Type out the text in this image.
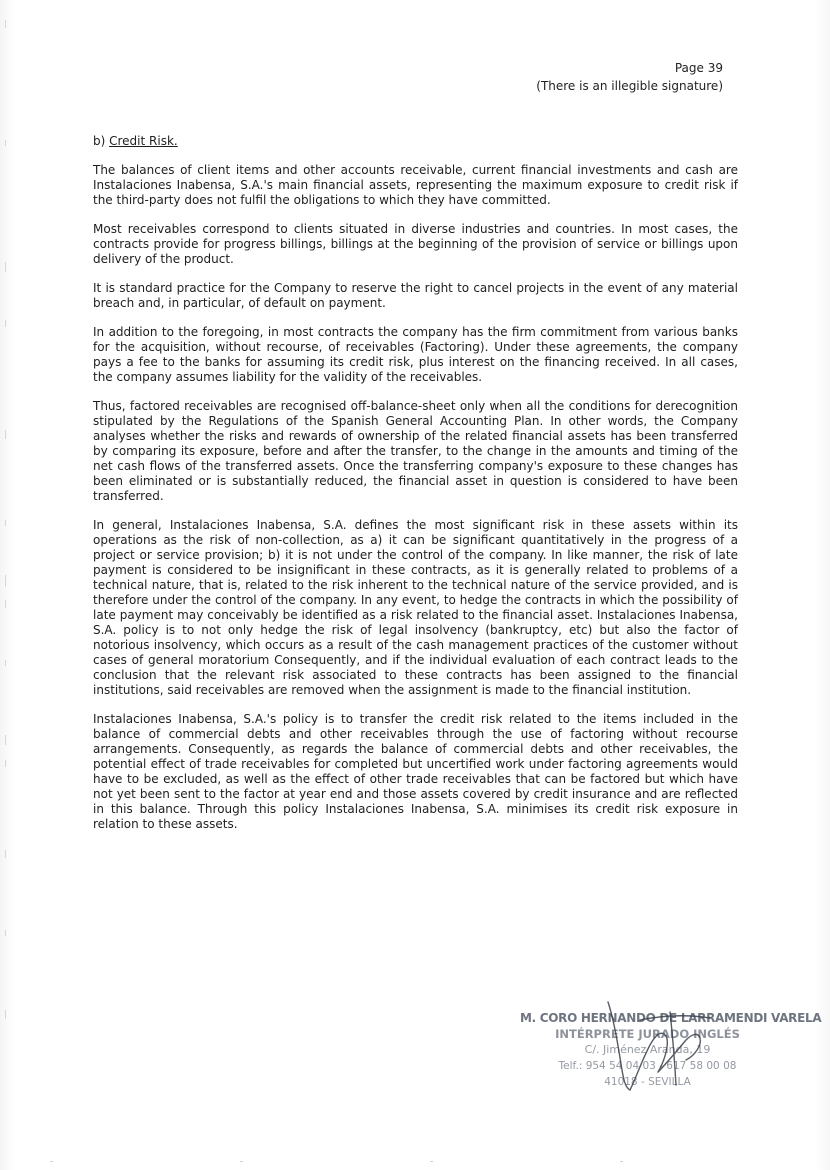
Page 39
(There is an illegible signature)
b) Credit Risk.

The balances of client items and other accounts receivable, current financial investments and cash are Instalaciones Inabensa, S.A.'s main financial assets, representing the maximum exposure to credit risk if the third-party does not fulfil the obligations to which they have committed.

Most receivables correspond to clients situated in diverse industries and countries. In most cases, the contracts provide for progress billings, billings at the beginning of the provision of service or billings upon delivery of the product.

It is standard practice for the Company to reserve the right to cancel projects in the event of any material breach and, in particular, of default on payment.

In addition to the foregoing, in most contracts the company has the firm commitment from various banks for the acquisition, without recourse, of receivables (Factoring). Under these agreements, the company pays a fee to the banks for assuming its credit risk, plus interest on the financing received. In all cases, the company assumes liability for the validity of the receivables.

Thus, factored receivables are recognised off-balance-sheet only when all the conditions for derecognition stipulated by the Regulations of the Spanish General Accounting Plan. In other words, the Company analyses whether the risks and rewards of ownership of the related financial assets has been transferred by comparing its exposure, before and after the transfer, to the change in the amounts and timing of the net cash flows of the transferred assets. Once the transferring company's exposure to these changes has been eliminated or is substantially reduced, the financial asset in question is considered to have been transferred.

In general, Instalaciones Inabensa, S.A. defines the most significant risk in these assets within its operations as the risk of non-collection, as a) it can be significant quantitatively in the progress of a project or service provision; b) it is not under the control of the company. In like manner, the risk of late payment is considered to be insignificant in these contracts, as it is generally related to problems of a technical nature, that is, related to the risk inherent to the technical nature of the service provided, and is therefore under the control of the company. In any event, to hedge the contracts in which the possibility of late payment may conceivably be identified as a risk related to the financial asset. Instalaciones Inabensa, S.A. policy is to not only hedge the risk of legal insolvency (bankruptcy, etc) but also the factor of notorious insolvency, which occurs as a result of the cash management practices of the customer without cases of general moratorium Consequently, and if the individual evaluation of each contract leads to the conclusion that the relevant risk associated to these contracts has been assigned to the financial institutions, said receivables are removed when the assignment is made to the financial institution.

Instalaciones Inabensa, S.A.'s policy is to transfer the credit risk related to the items included in the balance of commercial debts and other receivables through the use of factoring without recourse arrangements. Consequently, as regards the balance of commercial debts and other receivables, the potential effect of trade receivables for completed but uncertified work under factoring agreements would have to be excluded, as well as the effect of other trade receivables that can be factored but which have not yet been sent to the factor at year end and those assets covered by credit insurance and are reflected in this balance. Through this policy Instalaciones Inabensa, S.A. minimises its credit risk exposure in relation to these assets.

M. CORO HERNANDO DE LARRAMENDI VARELA
INTÉRPRETE JURADO INGLÉS
C/. Jiménez Aranda, 19
Telf.: 954 54 04 03 - 617 58 00 08
41018 - SEVILLA
